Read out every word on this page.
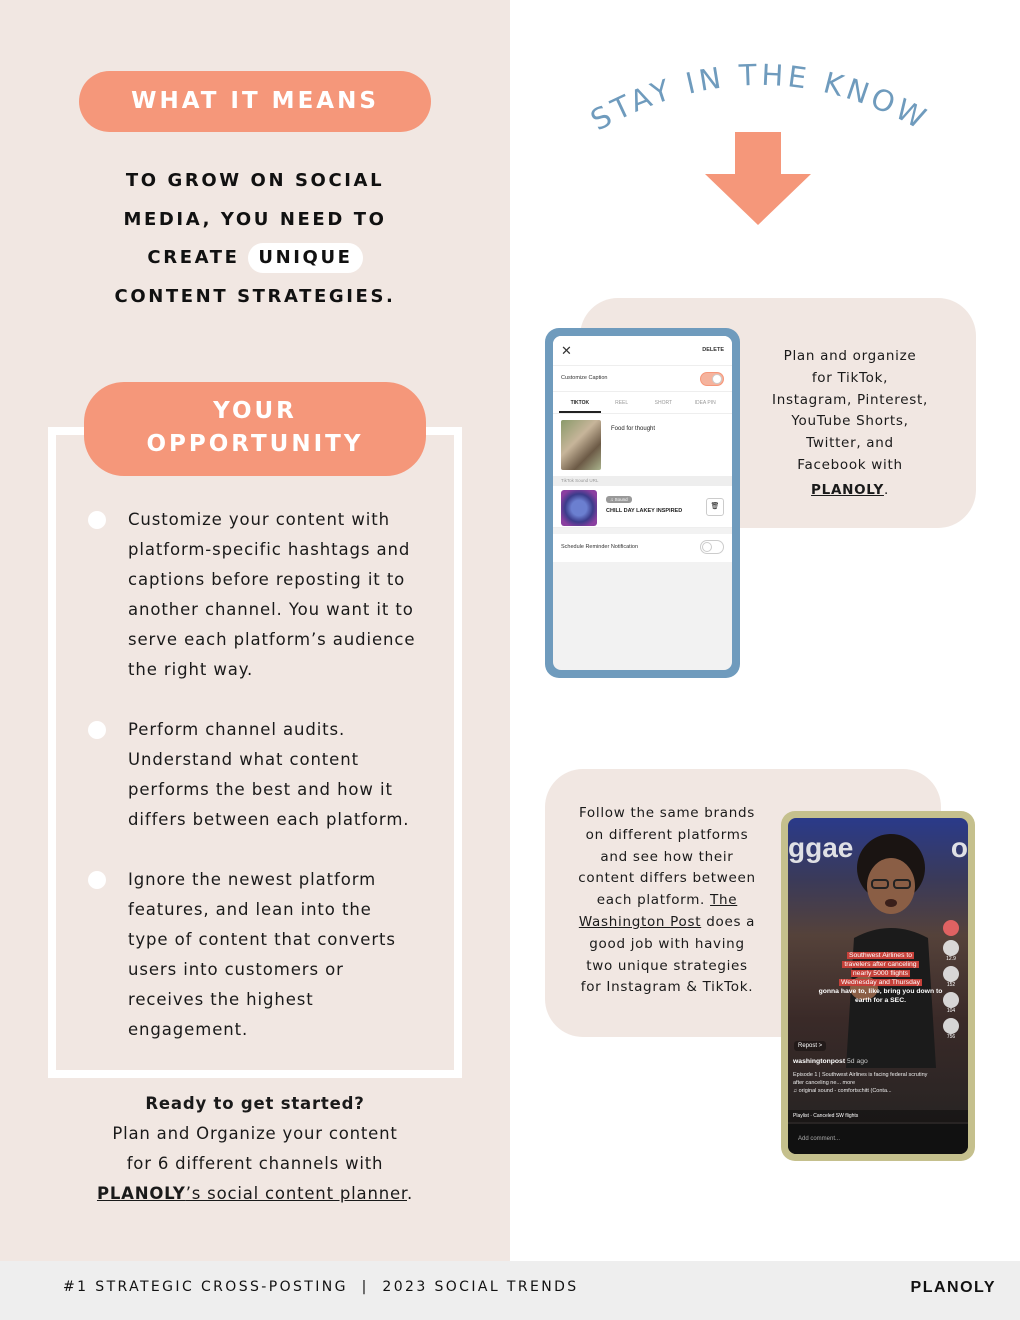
WHAT IT MEANS
TO GROW ON SOCIAL
MEDIA, YOU NEED TO
CREATE UNIQUE
CONTENT STRATEGIES.
YOUR
OPPORTUNITY
Customize your content with platform-specific hashtags and captions before reposting it to another channel. You want it to serve each platform’s audience the right way.
Perform channel audits. Understand what content performs the best and how it differs between each platform.
Ignore the newest platform features, and lean into the type of content that converts users into customers or receives the highest engagement.
Ready to get started?
Plan and Organize your content
for 6 different channels with
PLANOLY’s social content planner.
STAY IN THE KNOW
Plan and organize for TikTok, Instagram, Pinterest, YouTube Shorts, Twitter, and Facebook with
PLANOLY.
✕	DELETE
Customize Caption
TIKTOK	REEL	SHORT	IDEA PIN
Food for thought
TikTok Sound URL
♫ Sound
CHILL DAY LAKEY INSPIRED
🗑
Schedule Reminder Notification
Follow the same brands on different platforms and see how their content differs between each platform. The Washington Post does a good job with having two unique strategies for Instagram & TikTok.
ggae	o
Southwest Airlines to
travelers after canceling
nearly 5000 flights
Wednesday and Thursday
gonna have to, like, bring you down to earth for a SEC.
12.9
152
104
756
Repost >
washingtonpost 5d ago
Episode 1 | Southwest Airlines is facing federal scrutiny after canceling ne... more
♫ original sound - comfortschitt (Conta...
Playlist · Canceled SW flights
Add comment...
#1 STRATEGIC CROSS-POSTING  |  2023 SOCIAL TRENDS	PLANOLY
